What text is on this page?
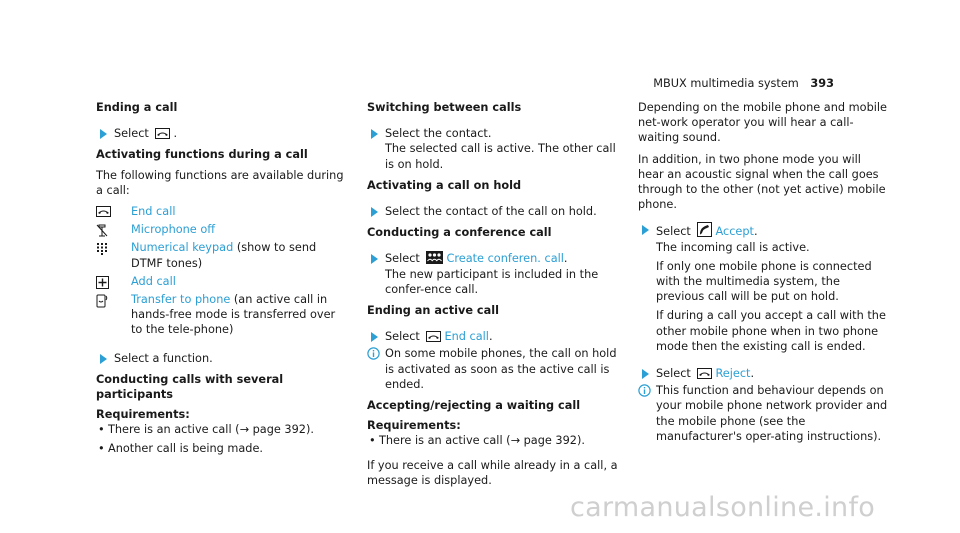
MBUX multimedia system 393
Ending a call
Select .
Activating functions during a call

The following functions are available during a call:

End call
Microphone off
Numerical keypad (show to send DTMF tones)
Add call
Transfer to phone (an active call in hands-free mode is transferred over to the tele-phone)
Select a function.
Conducting calls with several participants

Requirements:

• There is an active call (→ page 392).
• Another call is being made.
Switching between calls

Select the contact.

The selected call is active. The other call is on hold.

Activating a call on hold

Select the contact of the call on hold.

Conducting a conference call

Select Create conferen. call.

The new participant is included in the confer-ence call.

Ending an active call
Select End call.
On some mobile phones, the call on hold is activated as soon as the active call is ended.
Accepting/rejecting a waiting call

Requirements:

• There is an active call (→ page 392).

If you receive a call while already in a call, a message is displayed.

Depending on the mobile phone and mobile net-work operator you will hear a call-waiting sound.

In addition, in two phone mode you will hear an acoustic signal when the call goes through to the other (not yet active) mobile phone.

Select Accept.

The incoming call is active.

If only one mobile phone is connected with the multimedia system, the previous call will be put on hold.

If during a call you accept a call with the other mobile phone when in two phone mode then the existing call is ended.

Select Reject.
This function and behaviour depends on your mobile phone network provider and the mobile phone (see the manufacturer's oper-ating instructions).
carmanualsonline.info
